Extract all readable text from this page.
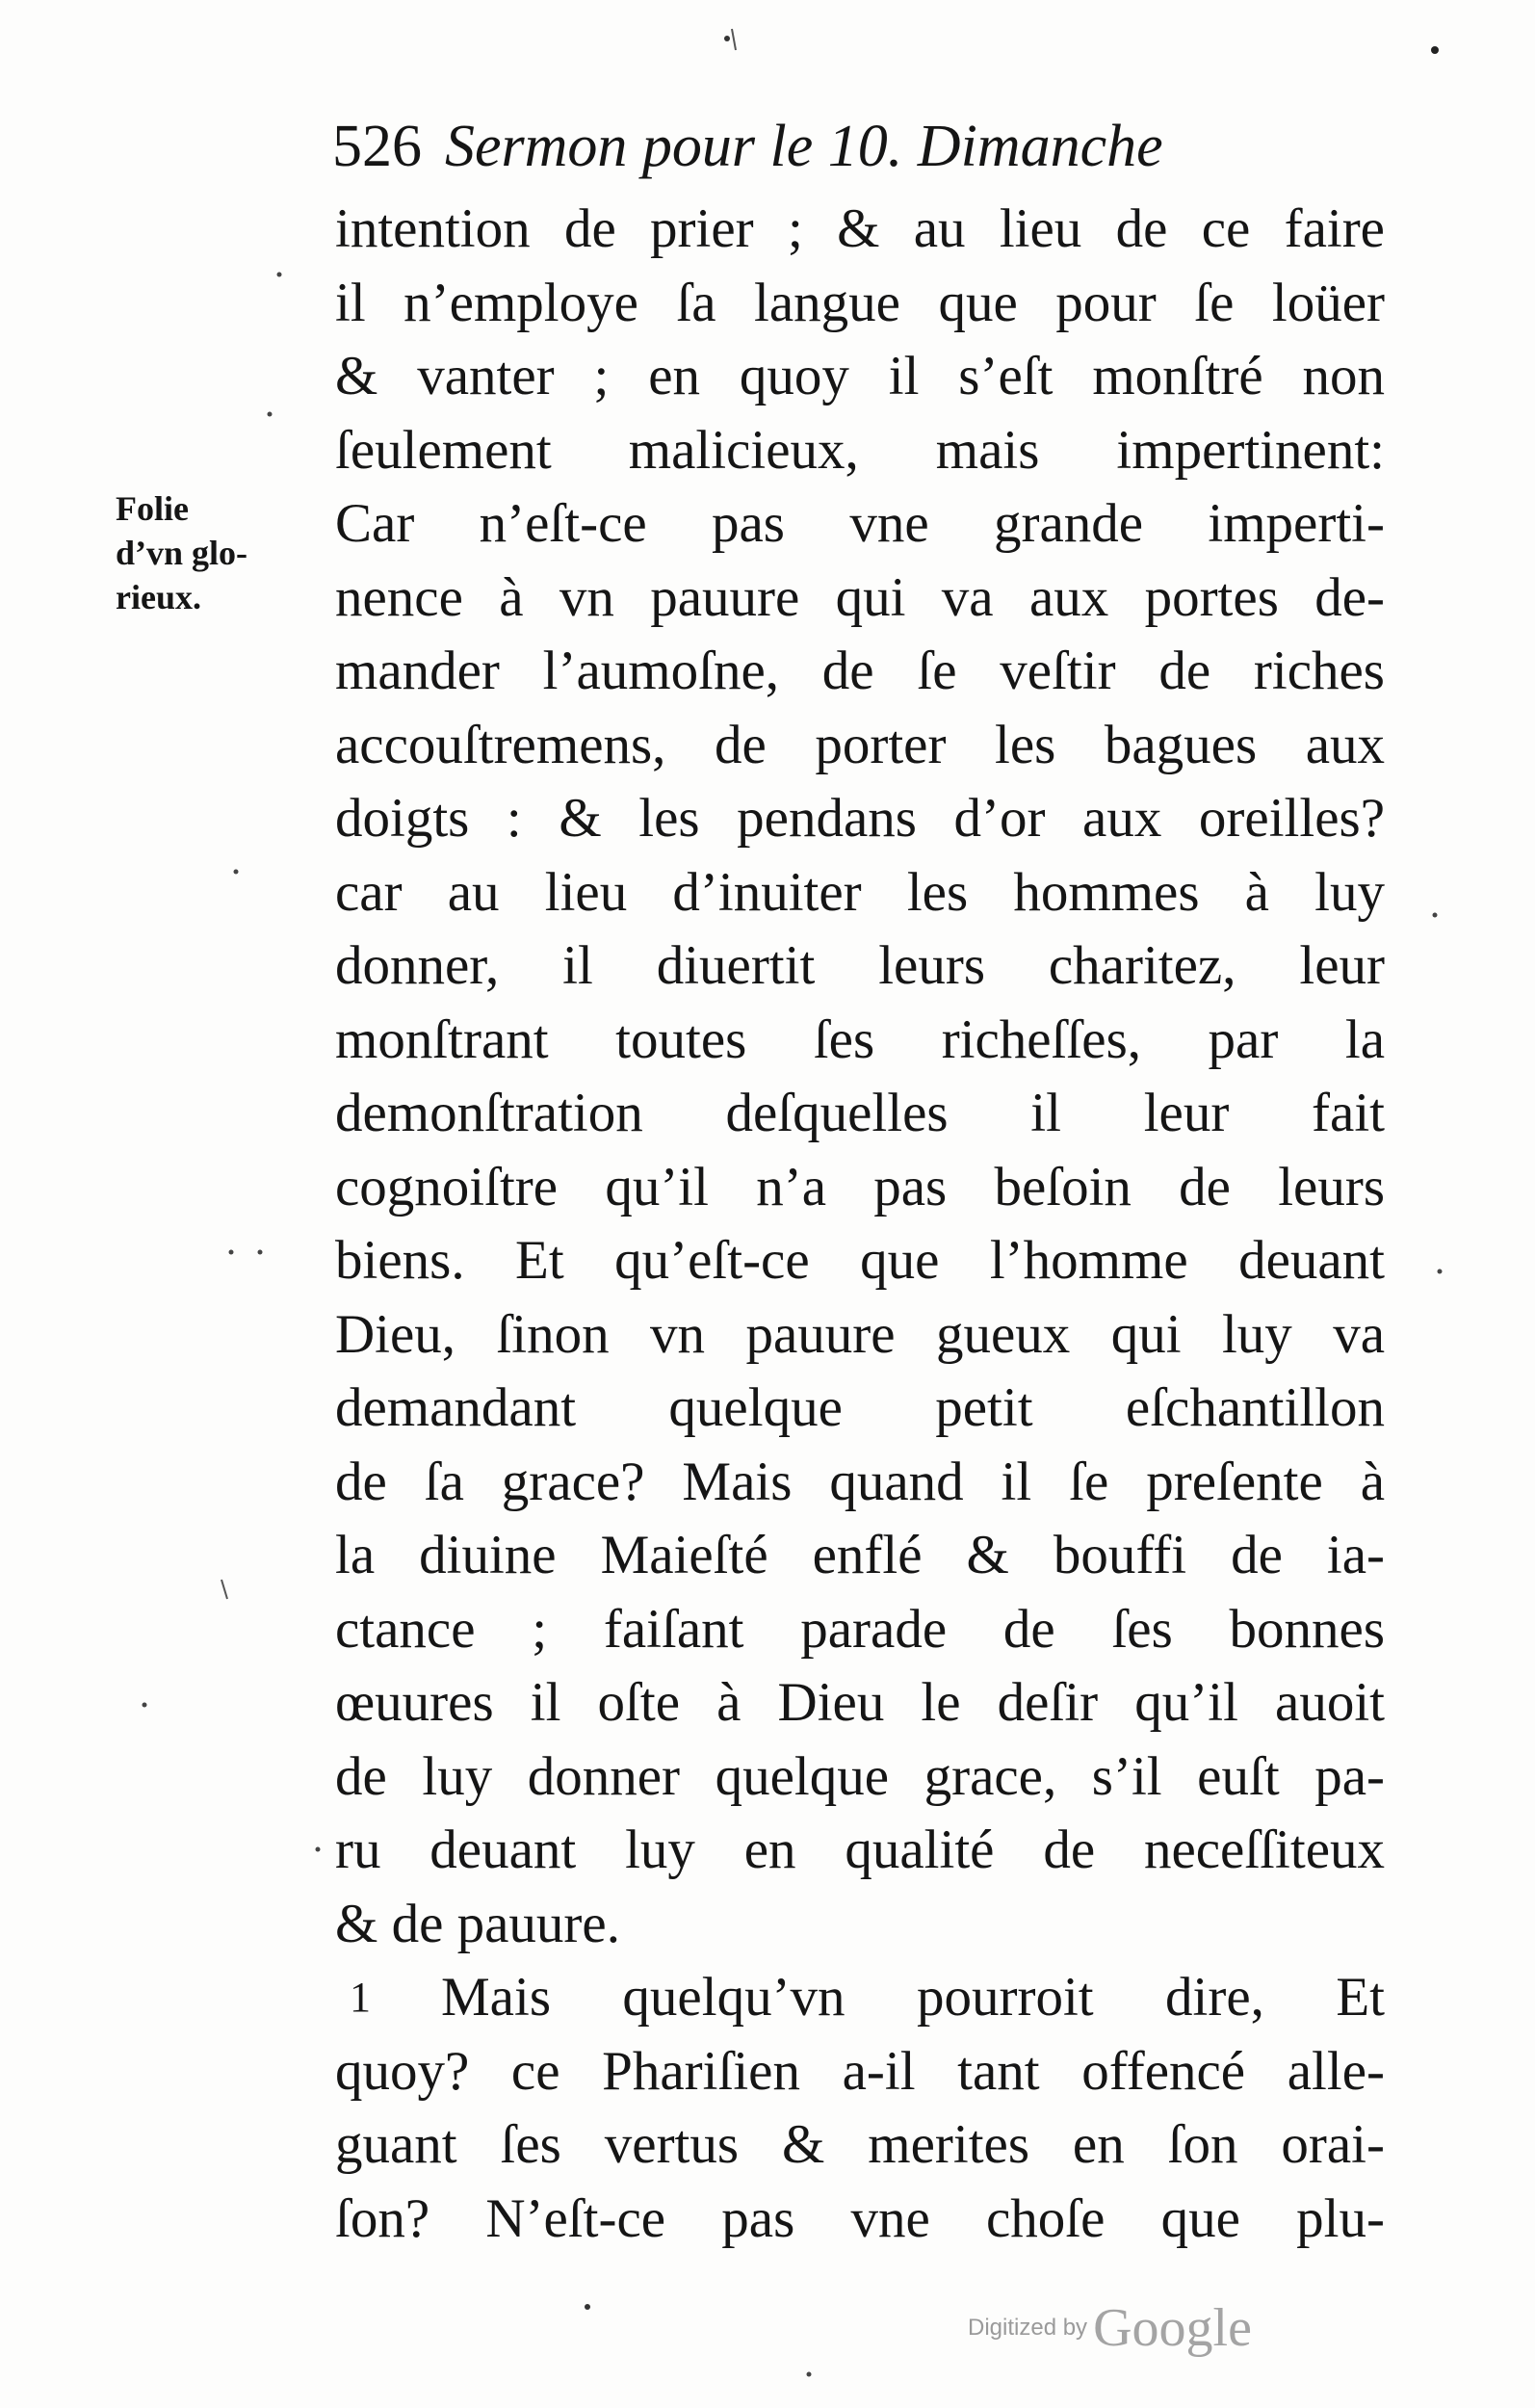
526 Sermon pour le 10. Dimanche
Folie
d’vn glo-
rieux.
intention de prier ; & au lieu de ce faire
il n’employe ſa langue que pour ſe loüer
& vanter ; en quoy il s’eſt monſtré non
ſeulement malicieux, mais impertinent:
Car n’eſt-ce pas vne grande imperti-
nence à vn pauure qui va aux portes de-
mander l’aumoſne, de ſe veſtir de riches
accouſtremens, de porter les bagues aux
doigts : & les pendans d’or aux oreilles?
car au lieu d’inuiter les hommes à luy
donner, il diuertit leurs charitez, leur
monſtrant toutes ſes richeſſes, par la
demonſtration deſquelles il leur fait
cognoiſtre qu’il n’a pas beſoin de leurs
biens. Et qu’eſt-ce que l’homme deuant
Dieu, ſinon vn pauure gueux qui luy va
demandant quelque petit eſchantillon
de ſa grace? Mais quand il ſe preſente à
la diuine Maieſté enflé & bouffi de ia-
ctance ; faiſant parade de ſes bonnes
œuures il oſte à Dieu le deſir qu’il auoit
de luy donner quelque grace, s’il euſt pa-
ru deuant luy en qualité de neceſſiteux
& de pauure.
1 Mais quelqu’vn pourroit dire, Et
quoy? ce Phariſien a-il tant offencé alle-
guant ſes vertus & merites en ſon orai-
ſon? N’eſt-ce pas vne choſe que plu-
Digitized by Google
